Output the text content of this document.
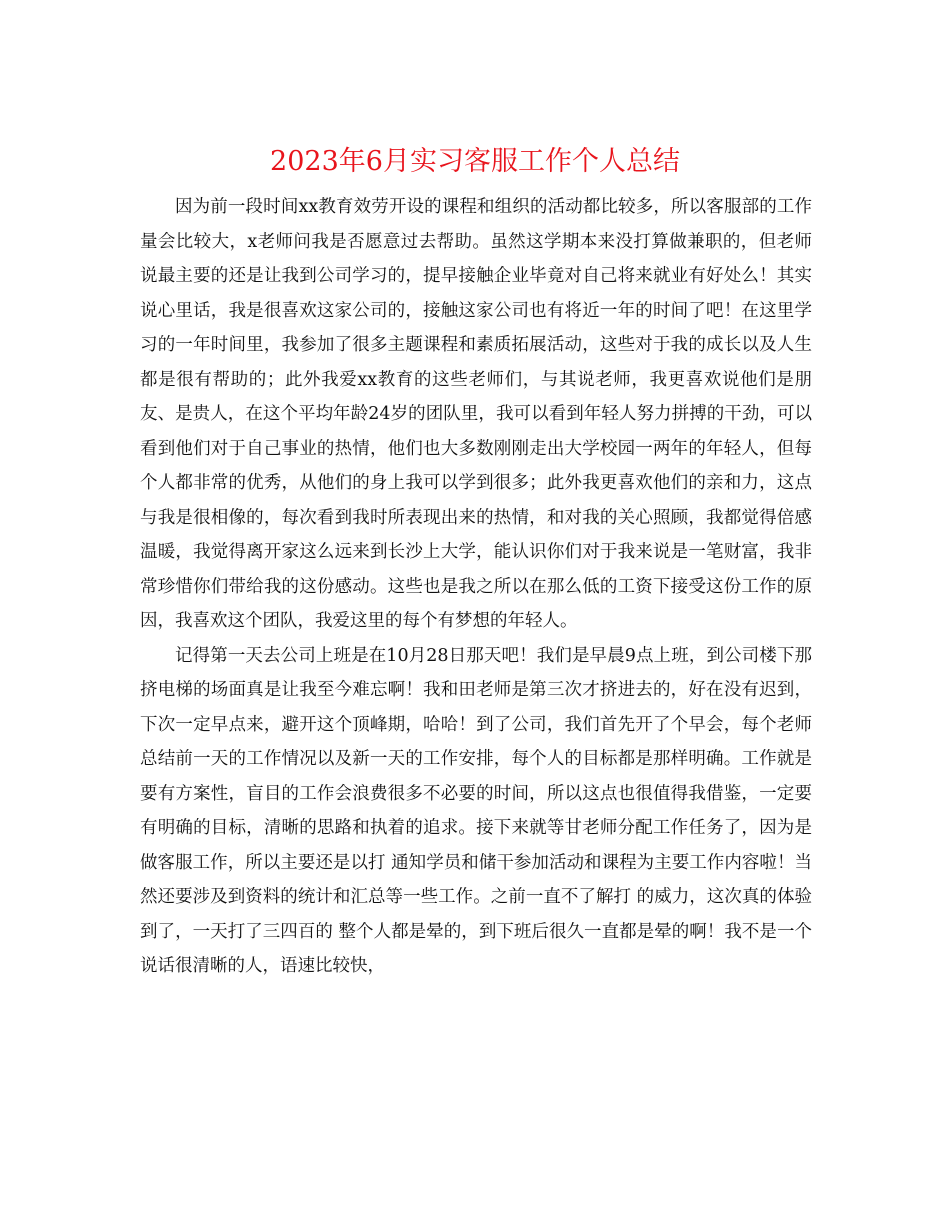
2023年6月实习客服工作个人总结

因为前一段时间xx教育效劳开设的课程和组织的活动都比较多，所以客服部的工作量会比较大，x老师问我是否愿意过去帮助。虽然这学期本来没打算做兼职的，但老师说最主要的还是让我到公司学习的，提早接触企业毕竟对自己将来就业有好处么！其实说心里话，我是很喜欢这家公司的，接触这家公司也有将近一年的时间了吧！在这里学习的一年时间里，我参加了很多主题课程和素质拓展活动，这些对于我的成长以及人生都是很有帮助的；此外我爱xx教育的这些老师们，与其说老师，我更喜欢说他们是朋友、是贵人，在这个平均年龄24岁的团队里，我可以看到年轻人努力拼搏的干劲，可以看到他们对于自己事业的热情，他们也大多数刚刚走出大学校园一两年的年轻人，但每个人都非常的优秀，从他们的身上我可以学到很多；此外我更喜欢他们的亲和力，这点与我是很相像的，每次看到我时所表现出来的热情，和对我的关心照顾，我都觉得倍感温暖，我觉得离开家这么远来到长沙上大学，能认识你们对于我来说是一笔财富，我非常珍惜你们带给我的这份感动。这些也是我之所以在那么低的工资下接受这份工作的原因，我喜欢这个团队，我爱这里的每个有梦想的年轻人。

记得第一天去公司上班是在10月28日那天吧！我们是早晨9点上班，到公司楼下那挤电梯的场面真是让我至今难忘啊！我和田老师是第三次才挤进去的，好在没有迟到，下次一定早点来，避开这个顶峰期，哈哈！到了公司，我们首先开了个早会，每个老师总结前一天的工作情况以及新一天的工作安排，每个人的目标都是那样明确。工作就是要有方案性，盲目的工作会浪费很多不必要的时间，所以这点也很值得我借鉴，一定要有明确的目标，清晰的思路和执着的追求。接下来就等甘老师分配工作任务了，因为是做客服工作，所以主要还是以打 通知学员和储干参加活动和课程为主要工作内容啦！当然还要涉及到资料的统计和汇总等一些工作。之前一直不了解打 的威力，这次真的体验到了，一天打了三四百的 整个人都是晕的，到下班后很久一直都是晕的啊！我不是一个说话很清晰的人，语速比较快，
